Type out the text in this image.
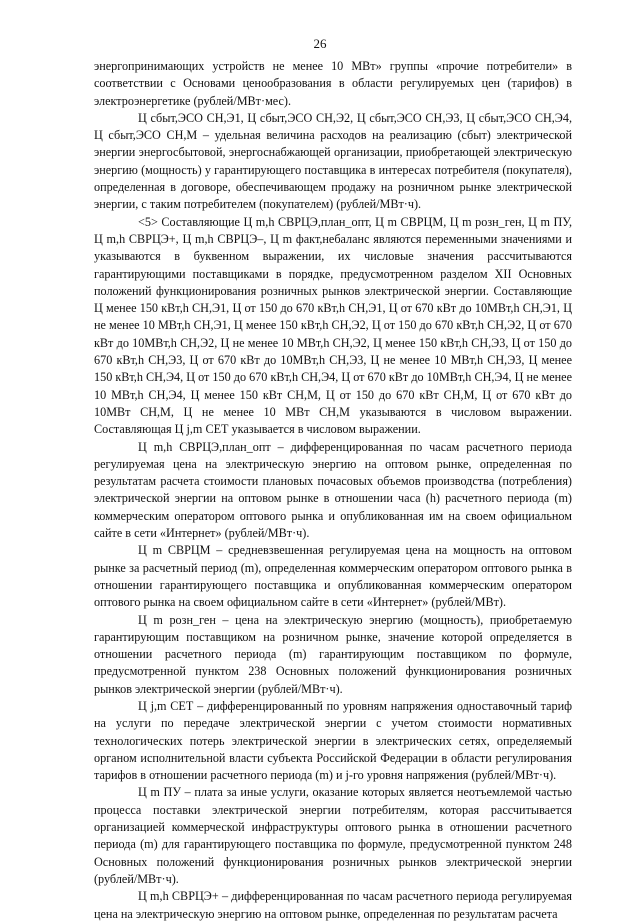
26

энергопринимающих устройств не менее 10 МВт» группы «прочие потребители» в соответствии с Основами ценообразования в области регулируемых цен (тарифов) в электроэнергетике (рублей/МВт·мес).

Ц сбыт,ЭСО СН,Э1, Ц сбыт,ЭСО СН,Э2, Ц сбыт,ЭСО СН,Э3, Ц сбыт,ЭСО СН,Э4, Ц сбыт,ЭСО СН,М – удельная величина расходов на реализацию (сбыт) электрической энергии энергосбытовой, энергоснабжающей организации, приобретающей электрическую энергию (мощность) у гарантирующего поставщика в интересах потребителя (покупателя), определенная в договоре, обеспечивающем продажу на розничном рынке электрической энергии, с таким потребителем (покупателем) (рублей/МВт·ч).

<5> Составляющие Ц m,h СВРЦЭ,план_опт, Ц m СВРЦМ, Ц m розн_ген, Ц m ПУ, Ц m,h СВРЦЭ+, Ц m,h СВРЦЭ–, Ц m факт,небаланс являются переменными значениями и указываются в буквенном выражении, их числовые значения рассчитываются гарантирующими поставщиками в порядке, предусмотренном разделом XII Основных положений функционирования розничных рынков электрической энергии. Составляющие Ц менее 150 кВт,h СН,Э1, Ц от 150 до 670 кВт,h СН,Э1, Ц от 670 кВт до 10МВт,h СН,Э1, Ц не менее 10 МВт,h СН,Э1, Ц менее 150 кВт,h СН,Э2, Ц от 150 до 670 кВт,h СН,Э2, Ц от 670 кВт до 10МВт,h СН,Э2, Ц не менее 10 МВт,h СН,Э2, Ц менее 150 кВт,h СН,Э3, Ц от 150 до 670 кВт,h СН,Э3, Ц от 670 кВт до 10МВт,h СН,Э3, Ц не менее 10 МВт,h СН,Э3, Ц менее 150 кВт,h СН,Э4, Ц от 150 до 670 кВт,h СН,Э4, Ц от 670 кВт до 10МВт,h СН,Э4, Ц не менее 10 МВт,h СН,Э4, Ц менее 150 кВт СН,М, Ц от 150 до 670 кВт СН,М, Ц от 670 кВт до 10МВт СН,М, Ц не менее 10 МВт СН,М указываются в числовом выражении. Составляющая Ц j,m СЕТ указывается в числовом выражении.

Ц m,h СВРЦЭ,план_опт – дифференцированная по часам расчетного периода регулируемая цена на электрическую энергию на оптовом рынке, определенная по результатам расчета стоимости плановых почасовых объемов производства (потребления) электрической энергии на оптовом рынке в отношении часа (h) расчетного периода (m) коммерческим оператором оптового рынка и опубликованная им на своем официальном сайте в сети «Интернет» (рублей/МВт·ч).

Ц m СВРЦМ – средневзвешенная регулируемая цена на мощность на оптовом рынке за расчетный период (m), определенная коммерческим оператором оптового рынка в отношении гарантирующего поставщика и опубликованная коммерческим оператором оптового рынка на своем официальном сайте в сети «Интернет» (рублей/МВт).

Ц m розн_ген – цена на электрическую энергию (мощность), приобретаемую гарантирующим поставщиком на розничном рынке, значение которой определяется в отношении расчетного периода (m) гарантирующим поставщиком по формуле, предусмотренной пунктом 238 Основных положений функционирования розничных рынков электрической энергии (рублей/МВт·ч).

Ц j,m СЕТ – дифференцированный по уровням напряжения одноставочный тариф на услуги по передаче электрической энергии с учетом стоимости нормативных технологических потерь электрической энергии в электрических сетях, определяемый органом исполнительной власти субъекта Российской Федерации в области регулирования тарифов в отношении расчетного периода (m) и j-го уровня напряжения (рублей/МВт·ч).

Ц m ПУ – плата за иные услуги, оказание которых является неотъемлемой частью процесса поставки электрической энергии потребителям, которая рассчитывается организацией коммерческой инфраструктуры оптового рынка в отношении расчетного периода (m) для гарантирующего поставщика по формуле, предусмотренной пунктом 248 Основных положений функционирования розничных рынков электрической энергии (рублей/МВт·ч).

Ц m,h СВРЦЭ+ – дифференцированная по часам расчетного периода регулируемая цена на электрическую энергию на оптовом рынке, определенная по результатам расчета
